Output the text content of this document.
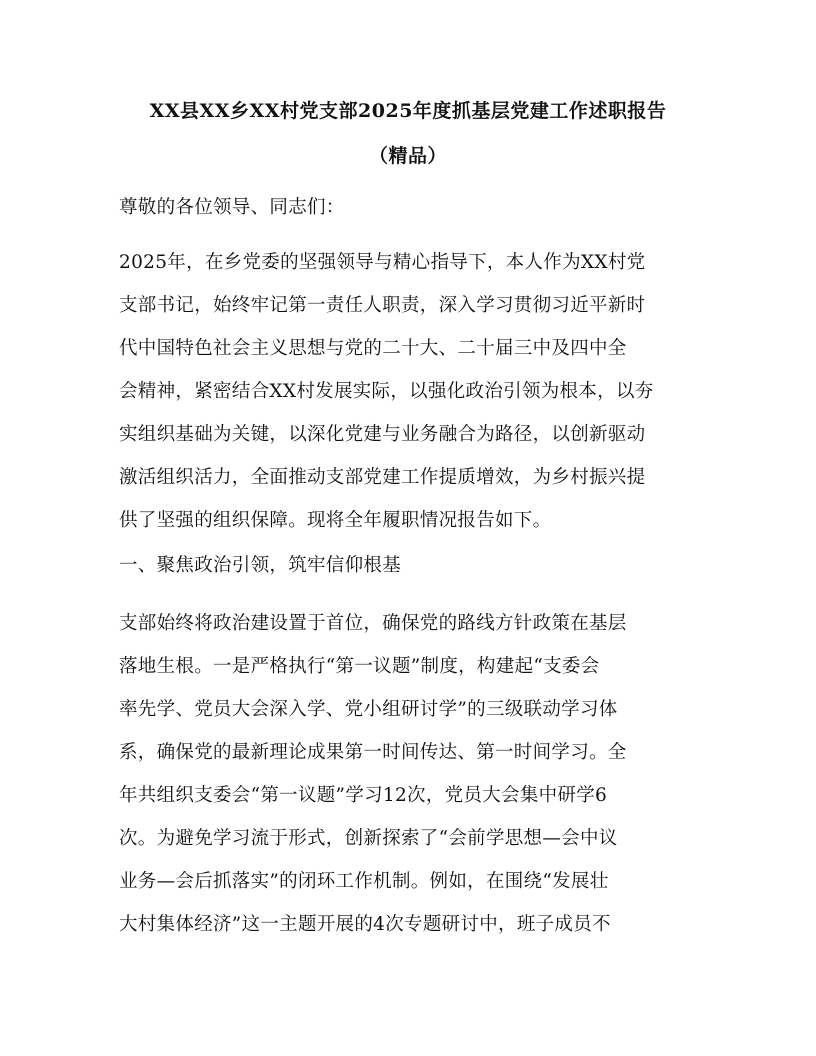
XX县XX乡XX村党支部2025年度抓基层党建工作述职报告
（精品）
尊敬的各位领导、同志们：
2025年，在乡党委的坚强领导与精心指导下，本人作为XX村党
支部书记，始终牢记第一责任人职责，深入学习贯彻习近平新时
代中国特色社会主义思想与党的二十大、二十届三中及四中全
会精神，紧密结合XX村发展实际，以强化政治引领为根本，以夯
实组织基础为关键，以深化党建与业务融合为路径，以创新驱动
激活组织活力，全面推动支部党建工作提质增效，为乡村振兴提
供了坚强的组织保障。现将全年履职情况报告如下。
一、聚焦政治引领，筑牢信仰根基
支部始终将政治建设置于首位，确保党的路线方针政策在基层
落地生根。一是严格执行“第一议题”制度，构建起“支委会
率先学、党员大会深入学、党小组研讨学”的三级联动学习体
系，确保党的最新理论成果第一时间传达、第一时间学习。全
年共组织支委会“第一议题”学习12次，党员大会集中研学6
次。为避免学习流于形式，创新探索了“会前学思想—会中议
业务—会后抓落实”的闭环工作机制。例如，在围绕“发展壮
大村集体经济”这一主题开展的4次专题研讨中，班子成员不
